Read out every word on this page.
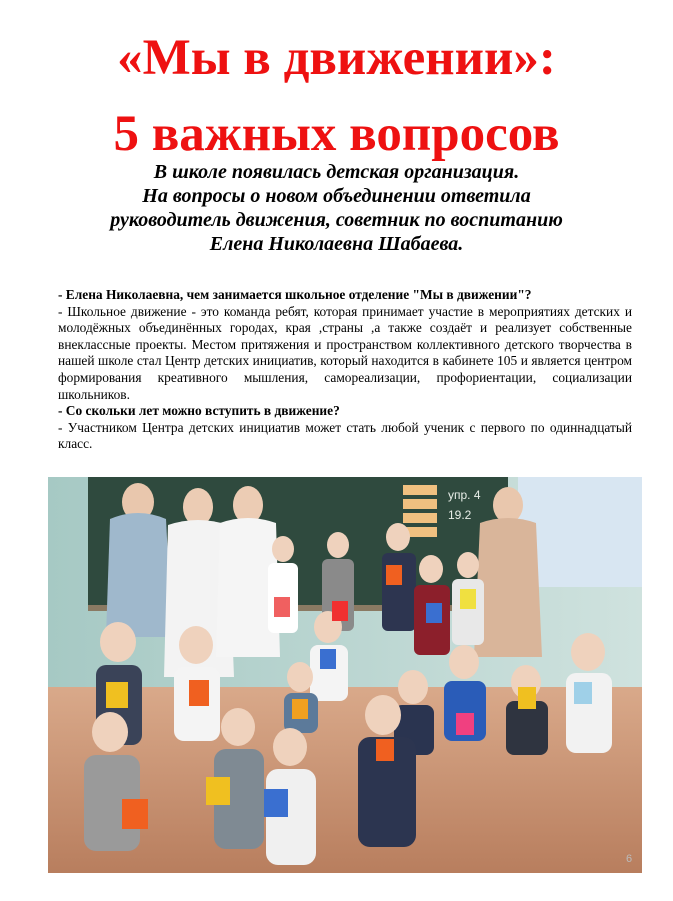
«Мы в движении»:
5 важных вопросов
В школе появилась детская организация.
На вопросы о новом объединении ответила
руководитель движения, советник по воспитанию
Елена Николаевна Шабаева.

- Елена Николаевна, чем занимается школьное отделение "Мы в движении"?

- Школьное движение - это команда ребят, которая принимает участие в мероприятиях детских и молодёжных объединённых городах, края ,страны ,а также создаёт и реализует собственные внеклассные проекты. Местом притяжения и пространством коллективного детского творчества в нашей школе стал Центр детских инициатив, который находится в кабинете 105 и является центром формирования креативного мышления, самореализации, профориентации, социализации школьников.

- Со скольки лет можно вступить в движение?

- Участником Центра детских инициатив может стать любой ученик с первого по одиннадцатый класс.

упр. 4
19.2
6
